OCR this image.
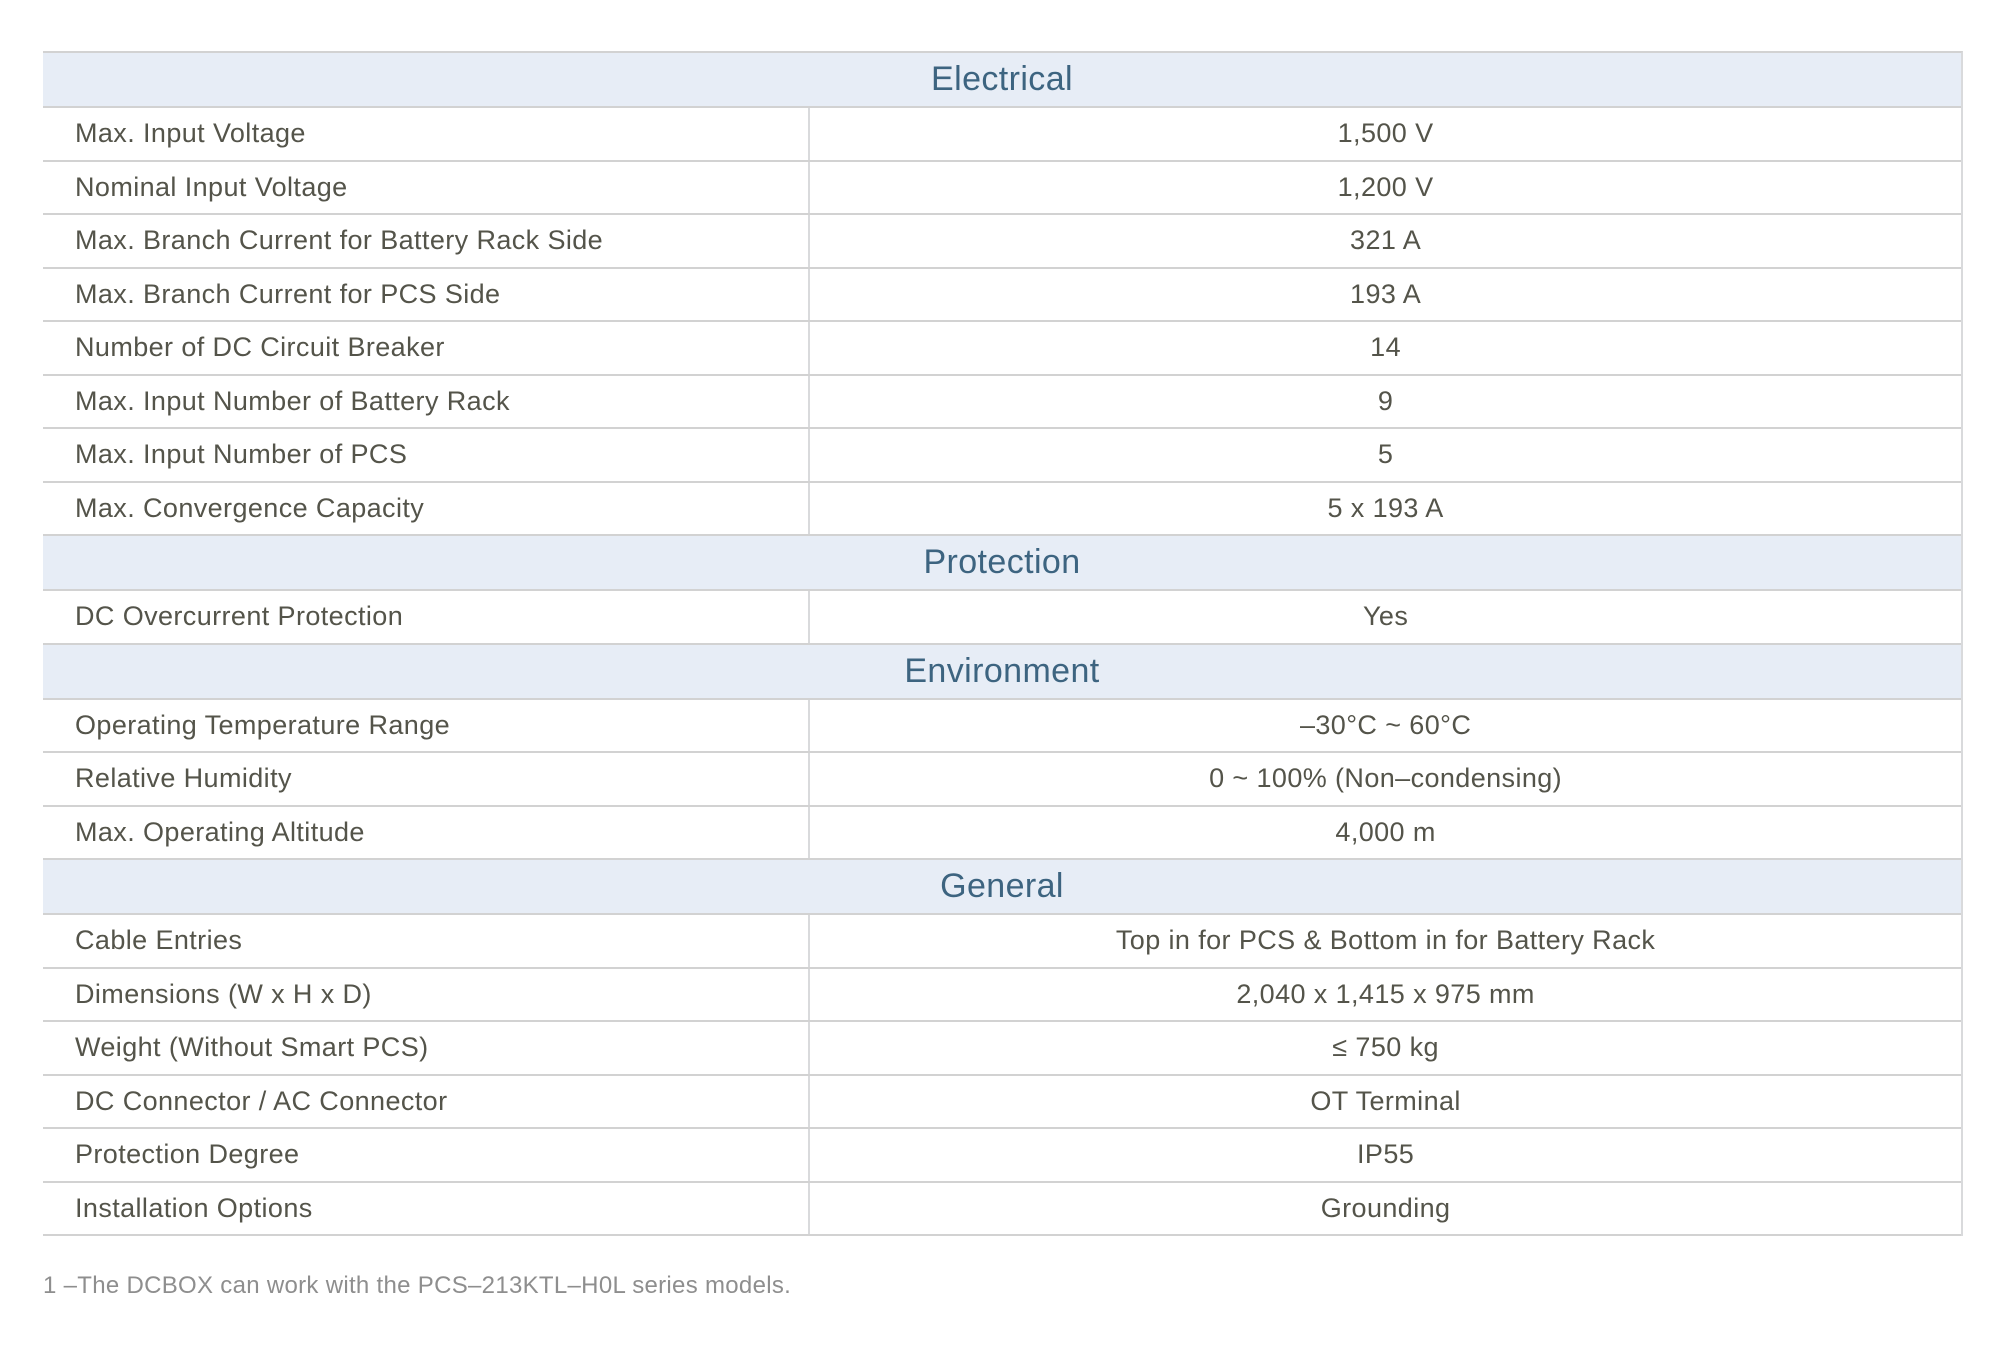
Electrical
Max. Input Voltage	1,500 V
Nominal Input Voltage	1,200 V
Max. Branch Current for Battery Rack Side	321 A
Max. Branch Current for PCS Side	193 A
Number of DC Circuit Breaker	14
Max. Input Number of Battery Rack	9
Max. Input Number of PCS	5
Max. Convergence Capacity	5 x 193 A
Protection
DC Overcurrent Protection	Yes
Environment
Operating Temperature Range	–30°C ~ 60°C
Relative Humidity	0 ~ 100% (Non–condensing)
Max. Operating Altitude	4,000 m
General
Cable Entries	Top in for PCS & Bottom in for Battery Rack
Dimensions (W x H x D)	2,040 x 1,415 x 975 mm
Weight (Without Smart PCS)	≤ 750 kg
DC Connector / AC Connector	OT Terminal
Protection Degree	IP55
Installation Options	Grounding
1 –The DCBOX can work with the PCS–213KTL–H0L series models.
